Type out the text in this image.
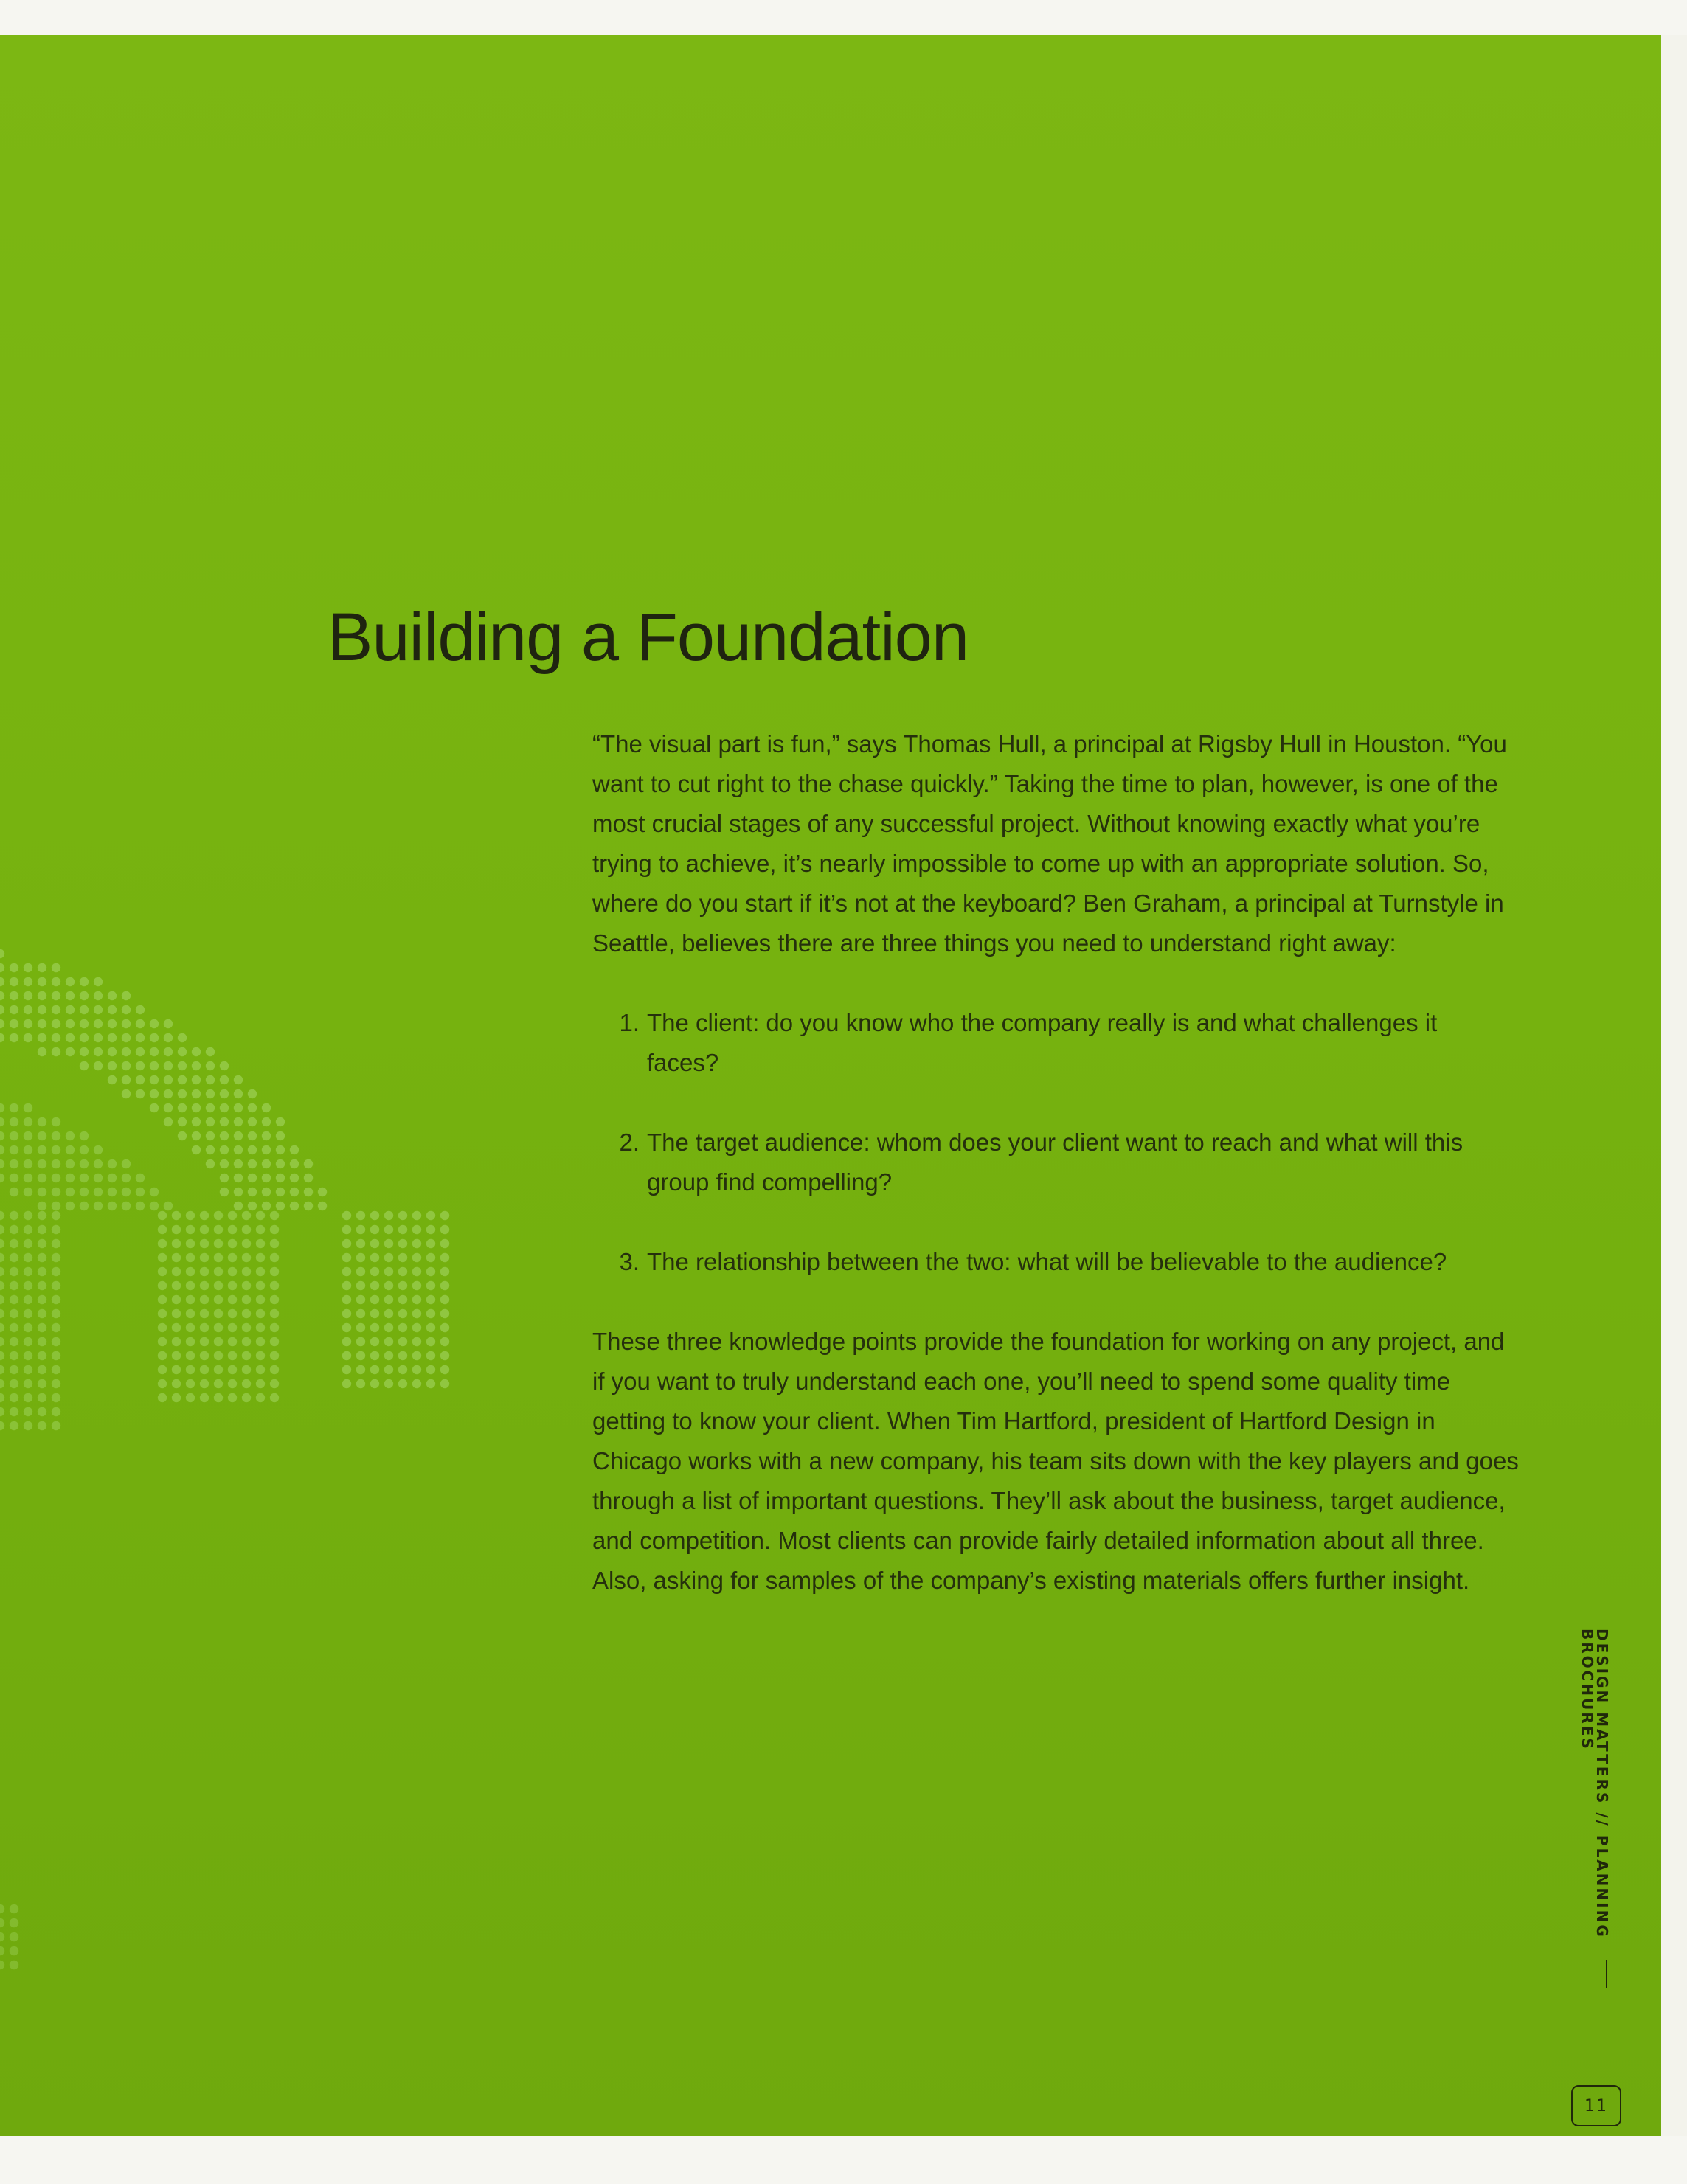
Building a Foundation

“The visual part is fun,” says Thomas Hull, a principal at Rigsby Hull in Houston. “You want to cut right to the chase quickly.” Taking the time to plan, however, is one of the most crucial stages of any successful project. Without knowing exactly what you’re trying to achieve, it’s nearly impossible to come up with an appropriate solution. So, where do you start if it’s not at the keyboard? Ben Graham, a principal at Turnstyle in Seattle, believes there are three things you need to understand right away:

1. The client: do you know who the company really is and what challenges it faces?
2. The target audience: whom does your client want to reach and what will this group find compelling?
3. The relationship between the two: what will be believable to the audience?

These three knowledge points provide the foundation for working on any project, and if you want to truly understand each one, you’ll need to spend some quality time getting to know your client. When Tim Hartford, president of Hartford Design in Chicago works with a new company, his team sits down with the key players and goes through a list of important questions. They’ll ask about the business, target audience, and competition. Most clients can provide fairly detailed information about all three. Also, asking for samples of the company’s existing materials offers further insight.

DESIGN MATTERS // PLANNING  BROCHURES
11
